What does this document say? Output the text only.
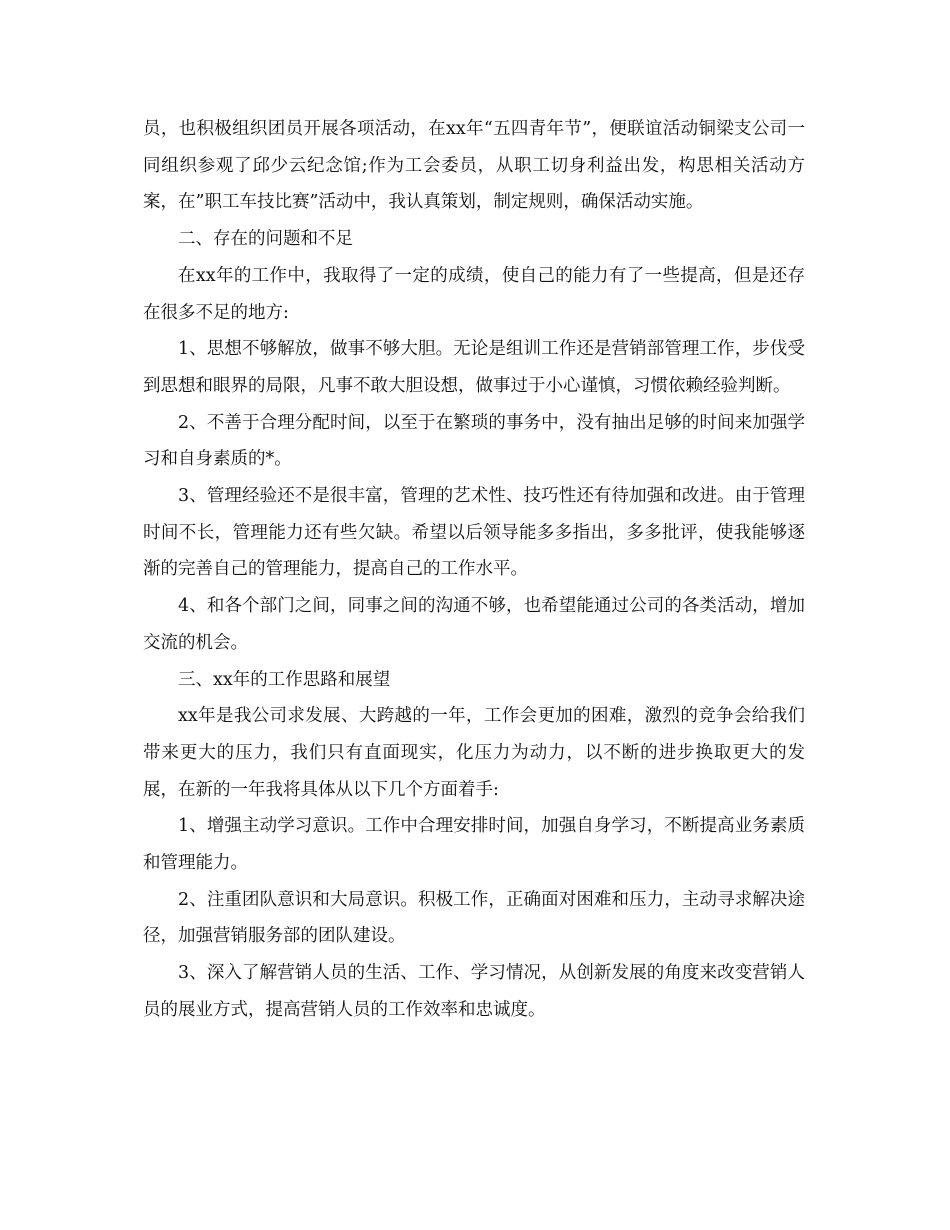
员，也积极组织团员开展各项活动，在xx年“五四青年节”，便联谊活动铜梁支公司一同组织参观了邱少云纪念馆;作为工会委员，从职工切身利益出发，构思相关活动方案，在”职工车技比赛”活动中，我认真策划，制定规则，确保活动实施。

二、存在的问题和不足

在xx年的工作中，我取得了一定的成绩，使自己的能力有了一些提高，但是还存在很多不足的地方:

1、思想不够解放，做事不够大胆。无论是组训工作还是营销部管理工作，步伐受到思想和眼界的局限，凡事不敢大胆设想，做事过于小心谨慎，习惯依赖经验判断。

2、不善于合理分配时间，以至于在繁琐的事务中，没有抽出足够的时间来加强学习和自身素质的*。

3、管理经验还不是很丰富，管理的艺术性、技巧性还有待加强和改进。由于管理时间不长，管理能力还有些欠缺。希望以后领导能多多指出，多多批评，使我能够逐渐的完善自己的管理能力，提高自己的工作水平。

4、和各个部门之间，同事之间的沟通不够，也希望能通过公司的各类活动，增加交流的机会。

三、xx年的工作思路和展望

xx年是我公司求发展、大跨越的一年，工作会更加的困难，激烈的竞争会给我们带来更大的压力，我们只有直面现实，化压力为动力，以不断的进步换取更大的发展，在新的一年我将具体从以下几个方面着手:

1、增强主动学习意识。工作中合理安排时间，加强自身学习，不断提高业务素质和管理能力。

2、注重团队意识和大局意识。积极工作，正确面对困难和压力，主动寻求解决途径，加强营销服务部的团队建设。

3、深入了解营销人员的生活、工作、学习情况，从创新发展的角度来改变营销人员的展业方式，提高营销人员的工作效率和忠诚度。
